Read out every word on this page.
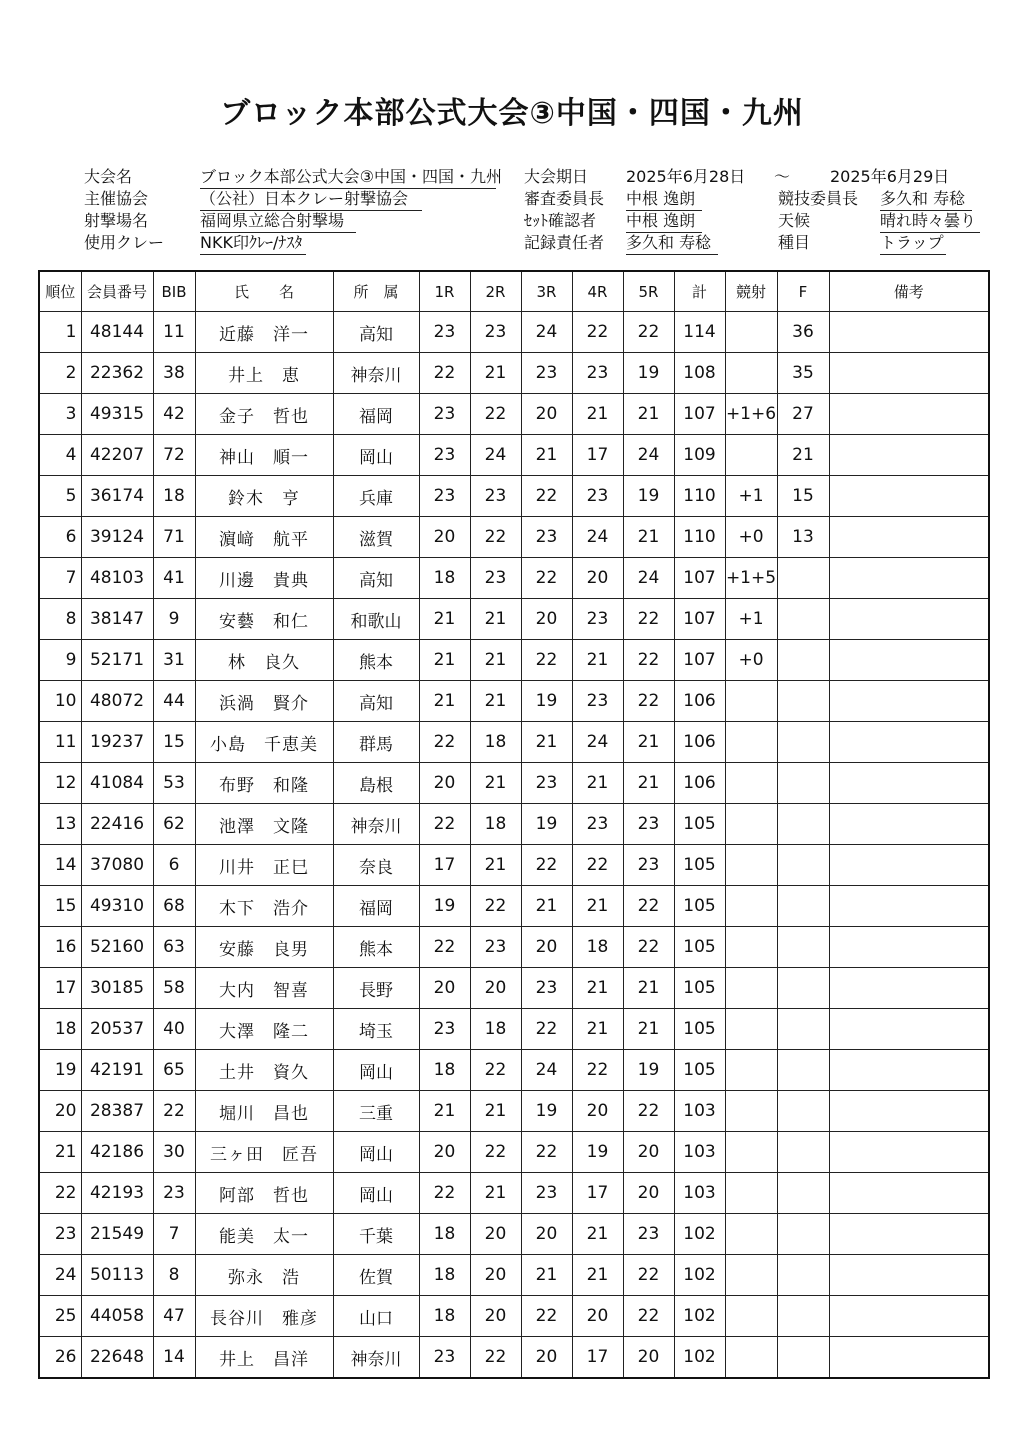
ブロック本部公式大会③中国・四国・九州
大会名	ブロック本部公式大会③中国・四国・九州
主催協会	（公社）日本クレー射撃協会
射撃場名	福岡県立総合射撃場
使用クレー NKK印ｸﾚｰ/ﾅｽﾀ
大会期日 2025年6月28日 ～ 2025年6月29日
審査委員長 中根 逸朗
ｾｯﾄ確認者 中根 逸朗
記録責任者 多久和 寿稔
競技委員長 多久和 寿稔
天候	晴れ時々曇り
種目	トラップ
順位	会員番号	BIB	氏　　名	所　属	1R	2R	3R	4R	5R	計	競射	F	備考
1	48144	11	近藤　洋一	高知	23	23	24	22	22	114		36	
2	22362	38	井上　恵	神奈川	22	21	23	23	19	108		35	
3	49315	42	金子　哲也	福岡	23	22	20	21	21	107	+1+6	27	
4	42207	72	神山　順一	岡山	23	24	21	17	24	109		21	
5	36174	18	鈴木　亨	兵庫	23	23	22	23	19	110	+1	15	
6	39124	71	濵﨑　航平	滋賀	20	22	23	24	21	110	+0	13	
7	48103	41	川邊　貴典	高知	18	23	22	20	24	107	+1+5		
8	38147	9	安藝　和仁	和歌山	21	21	20	23	22	107	+1		
9	52171	31	林　良久	熊本	21	21	22	21	22	107	+0		
10	48072	44	浜渦　賢介	高知	21	21	19	23	22	106			
11	19237	15	小島　千恵美	群馬	22	18	21	24	21	106			
12	41084	53	布野　和隆	島根	20	21	23	21	21	106			
13	22416	62	池澤　文隆	神奈川	22	18	19	23	23	105			
14	37080	6	川井　正巳	奈良	17	21	22	22	23	105			
15	49310	68	木下　浩介	福岡	19	22	21	21	22	105			
16	52160	63	安藤　良男	熊本	22	23	20	18	22	105			
17	30185	58	大内　智喜	長野	20	20	23	21	21	105			
18	20537	40	大澤　隆二	埼玉	23	18	22	21	21	105			
19	42191	65	土井　資久	岡山	18	22	24	22	19	105			
20	28387	22	堀川　昌也	三重	21	21	19	20	22	103			
21	42186	30	三ヶ田　匠吾	岡山	20	22	22	19	20	103			
22	42193	23	阿部　哲也	岡山	22	21	23	17	20	103			
23	21549	7	能美　太一	千葉	18	20	20	21	23	102			
24	50113	8	弥永　浩	佐賀	18	20	21	21	22	102			
25	44058	47	長谷川　雅彦	山口	18	20	22	20	22	102			
26	22648	14	井上　昌洋	神奈川	23	22	20	17	20	102			
